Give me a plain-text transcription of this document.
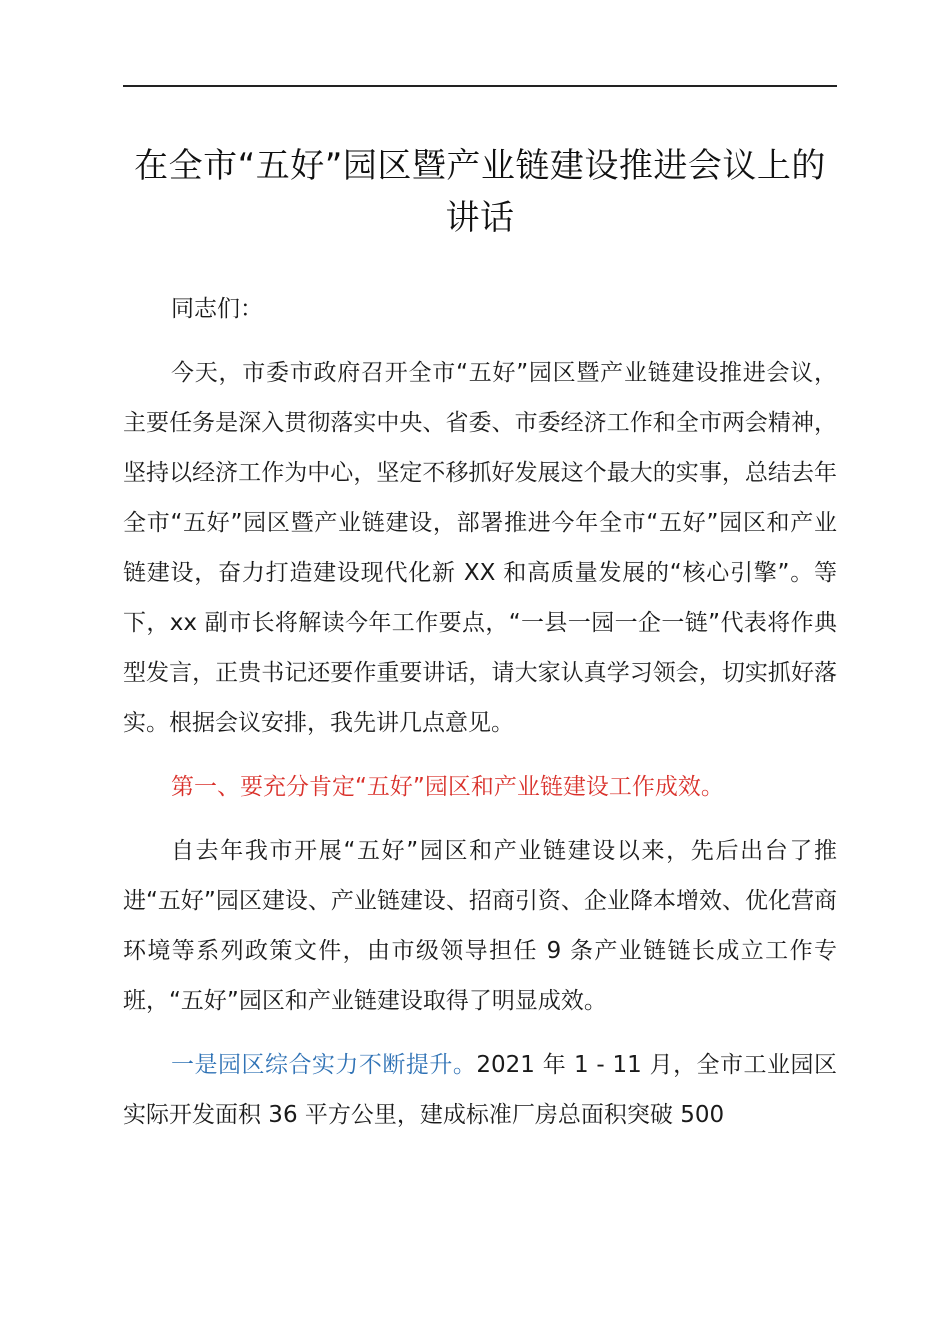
在全市“五好”园区暨产业链建设推进会议上的讲话

同志们：

今天，市委市政府召开全市“五好”园区暨产业链建设推进会议，主要任务是深入贯彻落实中央、省委、市委经济工作和全市两会精神，坚持以经济工作为中心，坚定不移抓好发展这个最大的实事，总结去年全市“五好”园区暨产业链建设，部署推进今年全市“五好”园区和产业链建设，奋力打造建设现代化新 XX 和高质量发展的“核心引擎”。等下，xx 副市长将解读今年工作要点，“一县一园一企一链”代表将作典型发言，正贵书记还要作重要讲话，请大家认真学习领会，切实抓好落实。根据会议安排，我先讲几点意见。

第一、要充分肯定“五好”园区和产业链建设工作成效。

自去年我市开展“五好”园区和产业链建设以来，先后出台了推进“五好”园区建设、产业链建设、招商引资、企业降本增效、优化营商环境等系列政策文件，由市级领导担任 9 条产业链链长成立工作专班，“五好”园区和产业链建设取得了明显成效。

一是园区综合实力不断提升。2021 年 1 - 11 月，全市工业园区实际开发面积 36 平方公里，建成标准厂房总面积突破 500
